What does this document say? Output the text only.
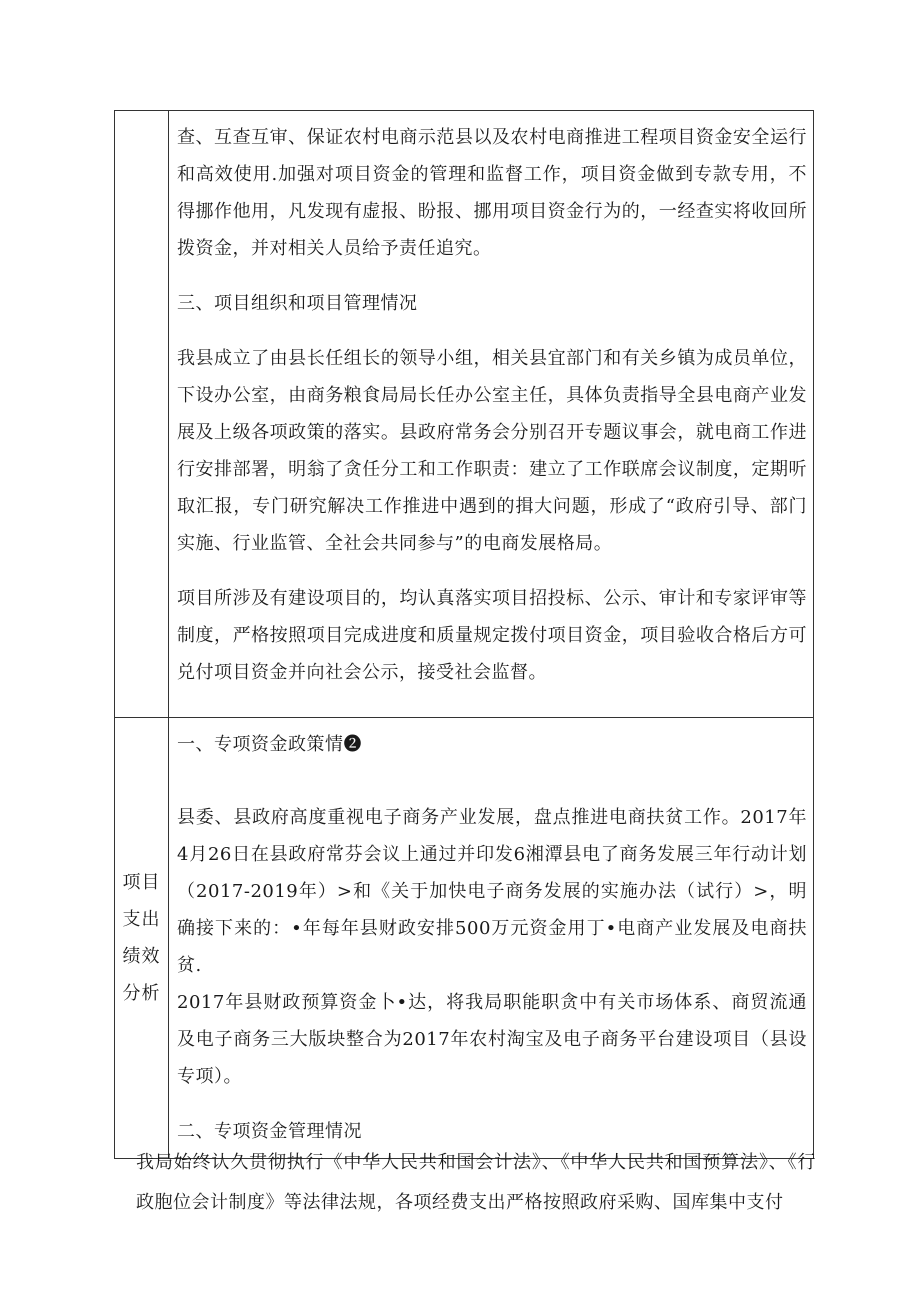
	查、互查互审、保证农村电商示范县以及农村电商推进工程项目资金安全运行和高效使用.加强对项目资金的管理和监督工作，项目资金做到专款专用，不得挪作他用，凡发现有虚报、盼报、挪用项目资金行为的，一经查实将收回所拨资金，并对相关人员给予责任追究。

三、项目组织和项目管理情况

我县成立了由县长任组长的领导小组，相关县宜部门和有关乡镇为成员单位，下设办公室，由商务粮食局局长任办公室主任，具体负责指导全县电商产业发展及上级各项政策的落实。县政府常务会分别召开专题议事会，就电商工作进行安排部署，明翁了贪任分工和工作职责：建立了工作联席会议制度，定期听取汇报，专门研究解决工作推进中遇到的揖大问题，形成了“政府引导、部门实施、行业监管、全社会共同参与”的电商发展格局。

项目所涉及有建设项目的，均认真落实项目招投标、公示、审计和专家评审等制度，严格按照项目完成进度和质量规定拨付项目资金，项目验收合格后方可兑付项目资金并向社会公示，接受社会监督。

项目支出绩效分析	一、专项资金政策情❷

县委、县政府高度重视电子商务产业发展，盘点推进电商扶贫工作。2017年4月26日在县政府常芬会议上通过并印发6湘潭县电了商务发展三年行动计划（2017-2019年）>和《关于加快电子商务发展的实施办法（试行）>，明确接下来的：•年每年县财政安排500万元资金用丁•电商产业发展及电商扶贫.

2017年县财政预算资金卜•达，将我局职能职贪中有关市场体系、商贸流通及电子商务三大版块整合为2017年农村淘宝及电子商务平台建设项目（县设专项）。

二、专项资金管理情况

我局始终认久贯彻执行《中华人民共和国会计法》、《中华人民共和国预算法》、《行政胞位会计制度》等法律法规，各项经费支出严格按照政府采购、国库集中支付
